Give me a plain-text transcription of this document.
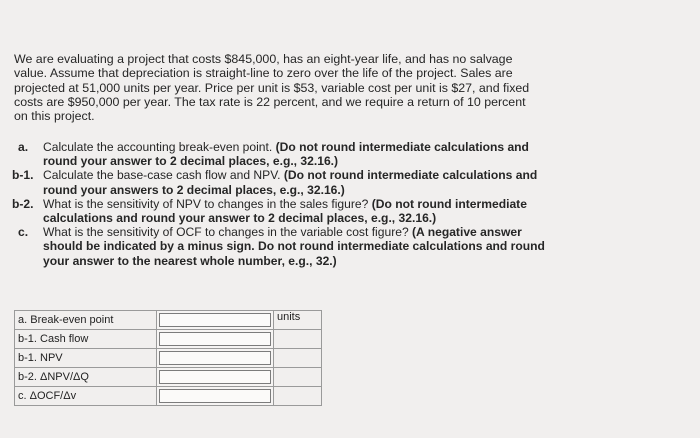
We are evaluating a project that costs $845,000, has an eight-year life, and has no salvage value. Assume that depreciation is straight-line to zero over the life of the project. Sales are projected at 51,000 units per year. Price per unit is $53, variable cost per unit is $27, and fixed costs are $950,000 per year. The tax rate is 22 percent, and we require a return of 10 percent on this project.

a.	Calculate the accounting break-even point. (Do not round intermediate calculations and round your answer to 2 decimal places, e.g., 32.16.)
b-1. Calculate the base-case cash flow and NPV. (Do not round intermediate calculations and round your answers to 2 decimal places, e.g., 32.16.)
b-2. What is the sensitivity of NPV to changes in the sales figure? (Do not round intermediate calculations and round your answer to 2 decimal places, e.g., 32.16.)
c.	What is the sensitivity of OCF to changes in the variable cost figure? (A negative answer should be indicated by a minus sign. Do not round intermediate calculations and round your answer to the nearest whole number, e.g., 32.)
a. Break-even point		units
b-1. Cash flow	

b-1. NPV	

b-2. ΔNPV/ΔQ	

c. ΔOCF/Δv	
